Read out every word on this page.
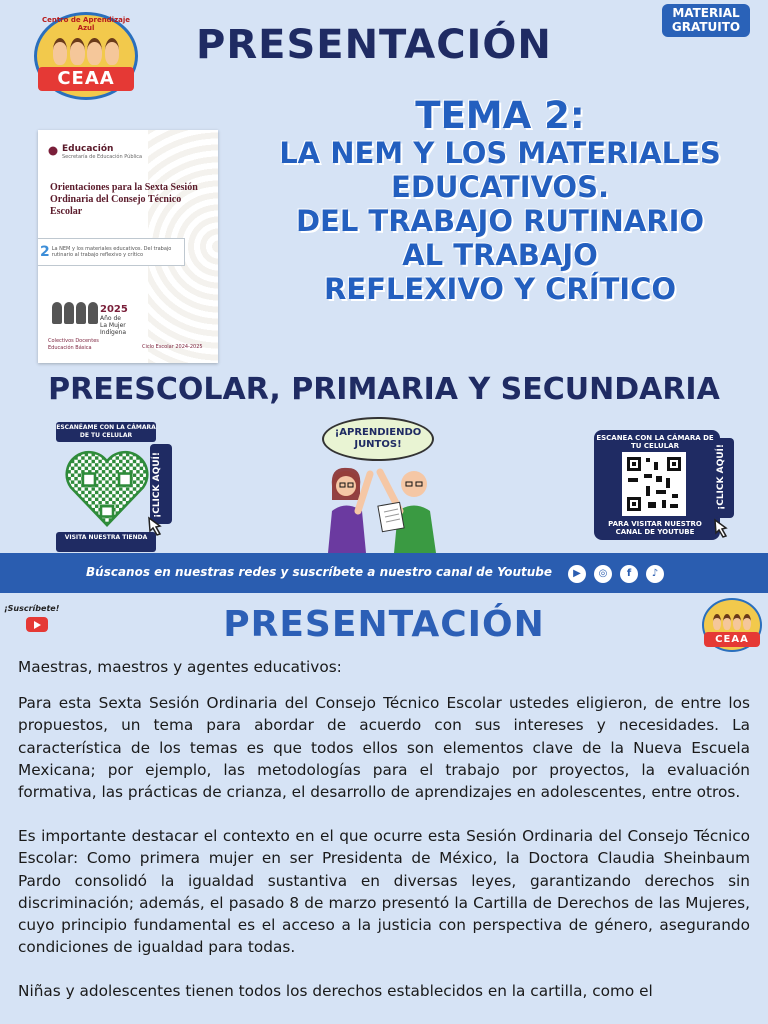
Centro de Aprendizaje Azul
CEAA
PRESENTACIÓN
MATERIAL
GRATUITO
Educación
Secretaría de Educación Pública
Orientaciones para la Sexta Sesión Ordinaria del Consejo Técnico Escolar
2 La NEM y los materiales educativos. Del trabajo rutinario al trabajo reflexivo y crítico
2025
Año de
La Mujer
Indígena
Colectivos Docentes
Educación Básica	Ciclo Escolar 2024-2025
TEMA 2:
LA NEM Y LOS MATERIALES
EDUCATIVOS.
DEL TRABAJO RUTINARIO
AL TRABAJO
REFLEXIVO Y CRÍTICO
PREESCOLAR, PRIMARIA Y SECUNDARIA
ESCANÉAME CON LA CÁMARA DE TU CELULAR
¡CLICK AQUÍ!
VISITA NUESTRA TIENDA
¡APRENDIENDO JUNTOS!
ESCANEA CON LA CÁMARA DE TU CELULAR
PARA VISITAR NUESTRO CANAL DE YOUTUBE
¡CLICK AQUÍ!
Búscanos en nuestras redes y suscríbete a nuestro canal de Youtube	▶	◎	f	♪
¡Suscríbete!	PRESENTACIÓN	CEAA

Maestras, maestros y agentes educativos:

Para esta Sexta Sesión Ordinaria del Consejo Técnico Escolar ustedes eligieron, de entre los propuestos, un tema para abordar de acuerdo con sus intereses y necesidades. La característica de los temas es que todos ellos son elementos clave de la Nueva Escuela Mexicana; por ejemplo, las metodologías para el trabajo por proyectos, la evaluación formativa, las prácticas de crianza, el desarrollo de aprendizajes en adolescentes, entre otros.

Es importante destacar el contexto en el que ocurre esta Sesión Ordinaria del Consejo Técnico Escolar: Como primera mujer en ser Presidenta de México, la Doctora Claudia Sheinbaum Pardo consolidó la igualdad sustantiva en diversas leyes, garantizando derechos sin discriminación; además, el pasado 8 de marzo presentó la Cartilla de Derechos de las Mujeres, cuyo principio fundamental es el acceso a la justicia con perspectiva de género, asegurando condiciones de igualdad para todas.

Niñas y adolescentes tienen todos los derechos establecidos en la cartilla, como el
